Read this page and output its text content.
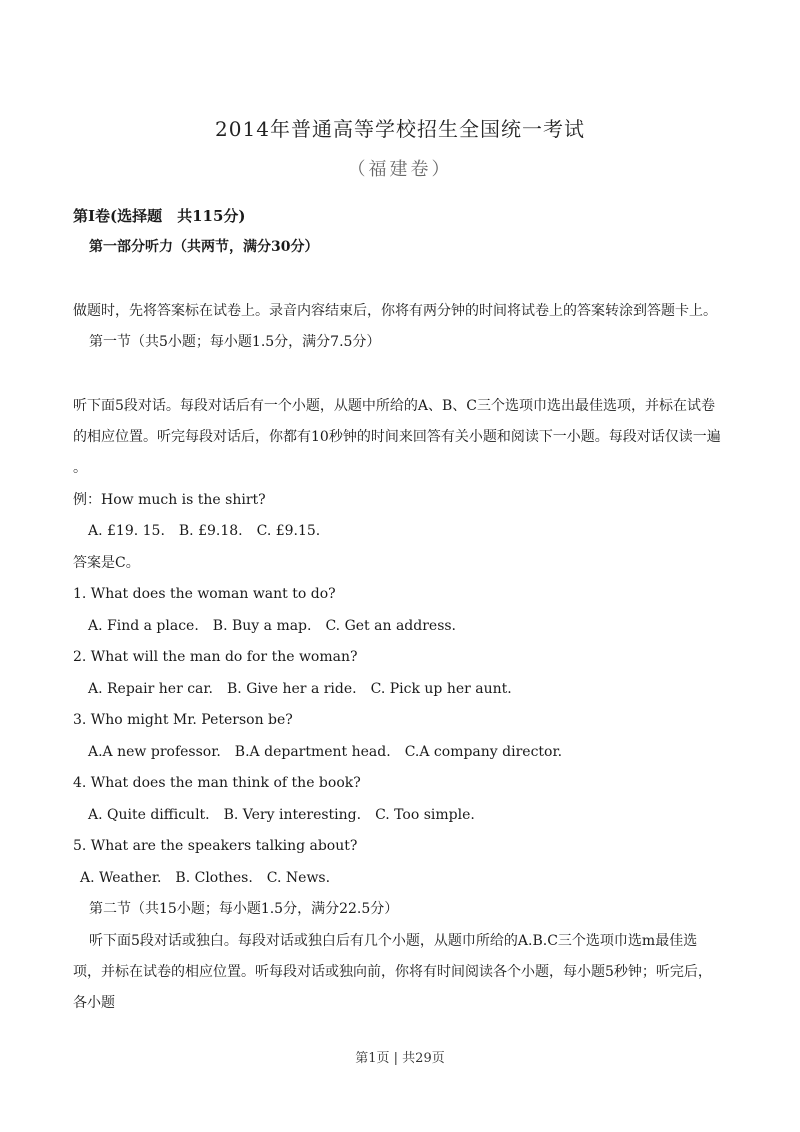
2014年普通高等学校招生全国统一考试
（福建卷）
第Ⅰ卷(选择题　共115分)
第一部分听力（共两节，满分30分）
做题时，先将答案标在试卷上。录音内容结束后，你将有两分钟的时间将试卷上的答案转涂到答题卡上。
第一节（共5小题；每小题1.5分，满分7.5分）
听下面5段对话。每段对话后有一个小题，从题中所给的A、B、C三个选项巾选出最佳选项，并标在试卷
的相应位置。听完每段对话后，你都有10秒钟的时间来回答有关小题和阅读下一小题。每段对话仅读一遍
。
例：How much is the shirt?
A. £19. 15.　B. £9.18.　C. £9.15.
答案是C。
1. What does the woman want to do?
A. Find a place.　B. Buy a map.　C. Get an address.
2. What will the man do for the woman?
A. Repair her car.　B. Give her a ride.　C. Pick up her aunt.
3. Who might Mr. Peterson be?
A.A new professor.　B.A department head.　C.A company director.
4. What does the man think of the book?
A. Quite difficult.　B. Very interesting.　C. Too simple.
5. What are the speakers talking about?
A. Weather.　B. Clothes.　C. News.
第二节（共15小题；每小题1.5分，满分22.5分）
听下面5段对话或独白。每段对话或独白后有几个小题，从题巾所给的A.B.C三个选项巾选m最佳选
项，并标在试卷的相应位置。听每段对话或独向前，你将有时间阅读各个小题，每小题5秒钟；听完后，
各小题
第1页 | 共29页
